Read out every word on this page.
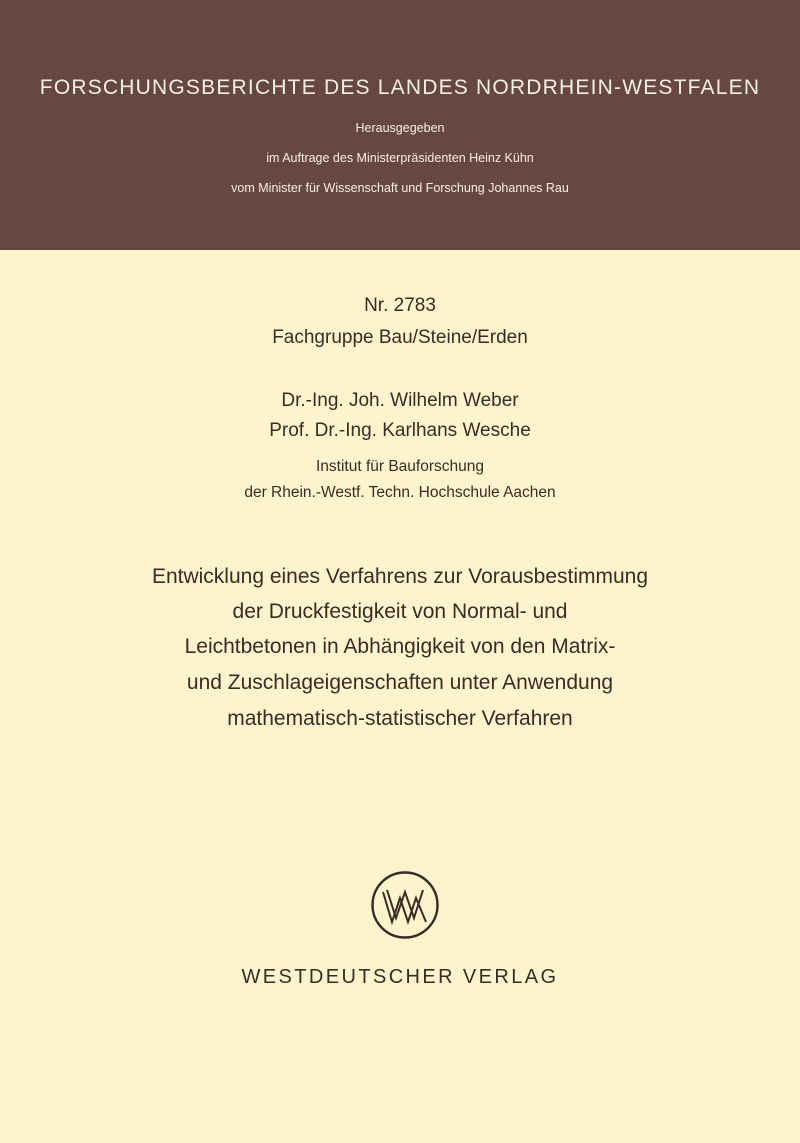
FORSCHUNGSBERICHTE DES LANDES NORDRHEIN-WESTFALEN
Herausgegeben
im Auftrage des Ministerpräsidenten Heinz Kühn
vom Minister für Wissenschaft und Forschung Johannes Rau
Nr. 2783
Fachgruppe Bau/Steine/Erden
Dr.-Ing. Joh. Wilhelm Weber
Prof. Dr.-Ing. Karlhans Wesche
Institut für Bauforschung
der Rhein.-Westf. Techn. Hochschule Aachen
Entwicklung eines Verfahrens zur Vorausbestimmung
der Druckfestigkeit von Normal- und
Leichtbetonen in Abhängigkeit von den Matrix-
und Zuschlageigenschaften unter Anwendung
mathematisch-statistischer Verfahren
WESTDEUTSCHER VERLAG
